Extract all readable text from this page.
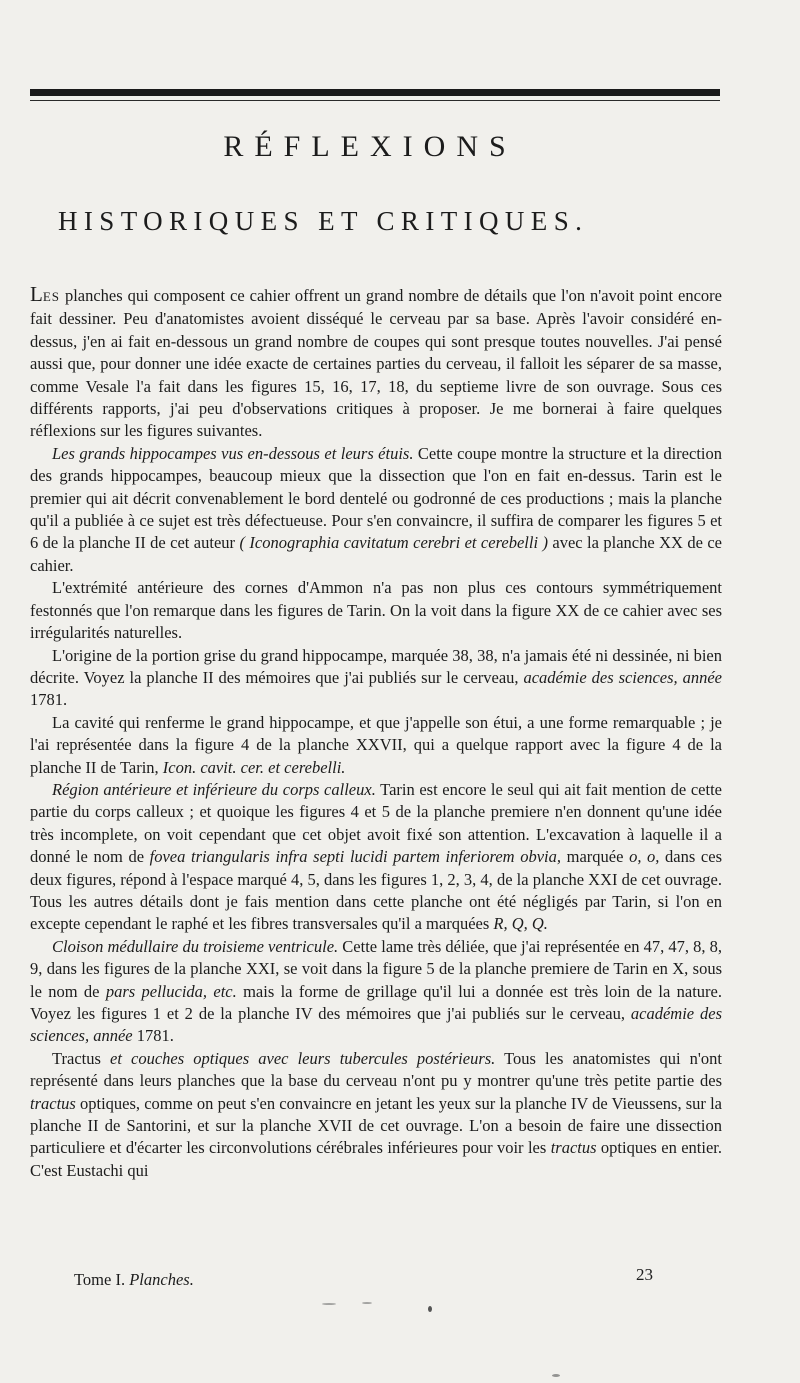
RÉFLEXIONS
HISTORIQUES ET CRITIQUES.

LES planches qui composent ce cahier offrent un grand nombre de détails que l'on n'avoit point encore fait dessiner. Peu d'anatomistes avoient disséqué le cerveau par sa base. Après l'avoir considéré en-dessus, j'en ai fait en-dessous un grand nombre de coupes qui sont presque toutes nouvelles. J'ai pensé aussi que, pour donner une idée exacte de certaines parties du cerveau, il falloit les séparer de sa masse, comme Vesale l'a fait dans les figures 15, 16, 17, 18, du septieme livre de son ouvrage. Sous ces différents rapports, j'ai peu d'observations critiques à proposer. Je me bornerai à faire quelques réflexions sur les figures suivantes.

Les grands hippocampes vus en-dessous et leurs étuis. Cette coupe montre la structure et la direction des grands hippocampes, beaucoup mieux que la dissection que l'on en fait en-dessus. Tarin est le premier qui ait décrit convenablement le bord dentelé ou godronné de ces productions ; mais la planche qu'il a publiée à ce sujet est très défectueuse. Pour s'en convaincre, il suffira de comparer les figures 5 et 6 de la planche II de cet auteur ( Iconographia cavitatum cerebri et cerebelli ) avec la planche XX de ce cahier.

L'extrémité antérieure des cornes d'Ammon n'a pas non plus ces contours symmétriquement festonnés que l'on remarque dans les figures de Tarin. On la voit dans la figure XX de ce cahier avec ses irrégularités naturelles.

L'origine de la portion grise du grand hippocampe, marquée 38, 38, n'a jamais été ni dessinée, ni bien décrite. Voyez la planche II des mémoires que j'ai publiés sur le cerveau, académie des sciences, année 1781.

La cavité qui renferme le grand hippocampe, et que j'appelle son étui, a une forme remarquable ; je l'ai représentée dans la figure 4 de la planche XXVII, qui a quelque rapport avec la figure 4 de la planche II de Tarin, Icon. cavit. cer. et cerebelli.

Région antérieure et inférieure du corps calleux. Tarin est encore le seul qui ait fait mention de cette partie du corps calleux ; et quoique les figures 4 et 5 de la planche premiere n'en donnent qu'une idée très incomplete, on voit cependant que cet objet avoit fixé son attention. L'excavation à laquelle il a donné le nom de fovea triangularis infra septi lucidi partem inferiorem obvia, marquée o, o, dans ces deux figures, répond à l'espace marqué 4, 5, dans les figures 1, 2, 3, 4, de la planche XXI de cet ouvrage. Tous les autres détails dont je fais mention dans cette planche ont été négligés par Tarin, si l'on en excepte cependant le raphé et les fibres transversales qu'il a marquées R, Q, Q.

Cloison médullaire du troisieme ventricule. Cette lame très déliée, que j'ai représentée en 47, 47, 8, 8, 9, dans les figures de la planche XXI, se voit dans la figure 5 de la planche premiere de Tarin en X, sous le nom de pars pellucida, etc. mais la forme de grillage qu'il lui a donnée est très loin de la nature. Voyez les figures 1 et 2 de la planche IV des mémoires que j'ai publiés sur le cerveau, académie des sciences, année 1781.

Tractus et couches optiques avec leurs tubercules postérieurs. Tous les anatomistes qui n'ont représenté dans leurs planches que la base du cerveau n'ont pu y montrer qu'une très petite partie des tractus optiques, comme on peut s'en convaincre en jetant les yeux sur la planche IV de Vieussens, sur la planche II de Santorini, et sur la planche XVII de cet ouvrage. L'on a besoin de faire une dissection particuliere et d'écarter les circonvolutions cérébrales inférieures pour voir les tractus optiques en entier. C'est Eustachi qui

Tome I. Planches.	23
